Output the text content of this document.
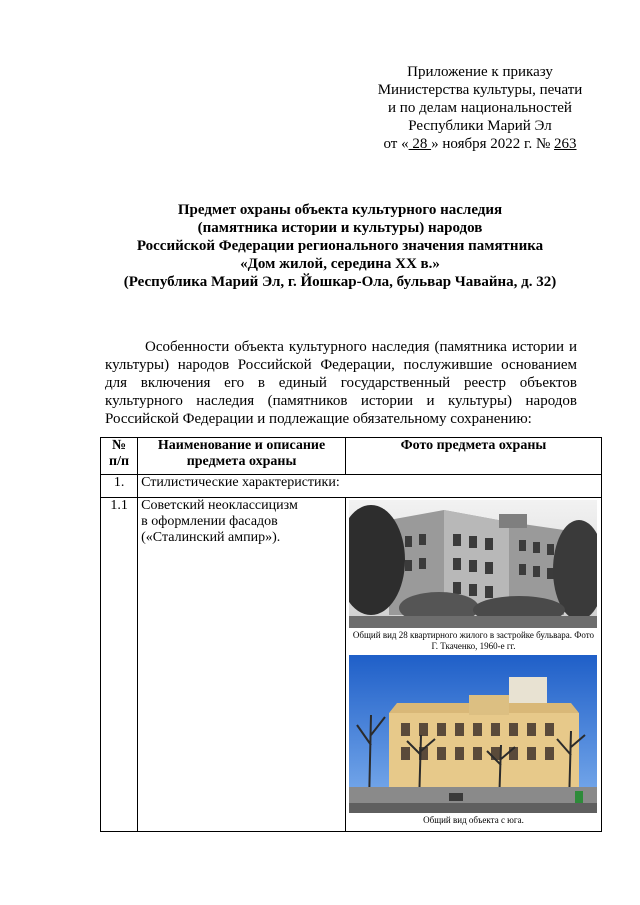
Приложение к приказу
Министерства культуры, печати
и по делам национальностей
Республики Марий Эл
от « 28 » ноября 2022 г. № 263
Предмет охраны объекта культурного наследия
(памятника истории и культуры) народов
Российской Федерации регионального значения памятника
«Дом жилой, середина XX в.»
(Республика Марий Эл, г. Йошкар-Ола, бульвар Чавайна, д. 32)
Особенности объекта культурного наследия (памятника истории и культуры) народов Российской Федерации, послужившие основанием для включения его в единый государственный реестр объектов культурного наследия (памятников истории и культуры) народов Российской Федерации и подлежащие обязательному сохранению:
№
п/п	Наименование и описание предмета охраны	Фото предмета охраны
1.	Стилистические характеристики:	
1.1	Советский неоклассицизм в оформлении фасадов («Сталинский ампир»).	Общий вид 28 квартирного жилого в застройке бульвара. Фото Г. Ткаченко, 1960-е гг.
Общий вид объекта с юга.
